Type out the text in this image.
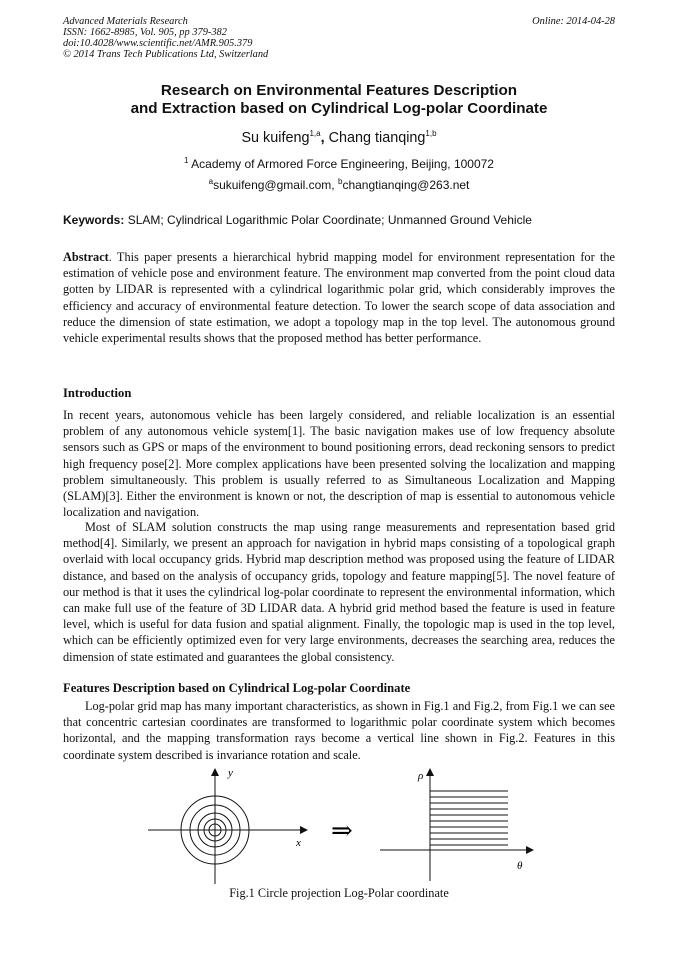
Advanced Materials Research
ISSN: 1662-8985, Vol. 905, pp 379-382
doi:10.4028/www.scientific.net/AMR.905.379
© 2014 Trans Tech Publications Ltd, Switzerland
Online: 2014-04-28
Research on Environmental Features Description
and Extraction based on Cylindrical Log-polar Coordinate
Su kuifeng$^{1,a}$, Chang tianqing$^{1,b}$
$^1$ Academy of Armored Force Engineering, Beijing, 100072
$^a$sukuifeng@gmail.com, $^b$changtianqing@263.net
Keywords: SLAM; Cylindrical Logarithmic Polar Coordinate; Unmanned Ground Vehicle

Abstract. This paper presents a hierarchical hybrid mapping model for environment representation for the estimation of vehicle pose and environment feature. The environment map converted from the point cloud data gotten by LIDAR is represented with a cylindrical logarithmic polar grid, which considerably improves the efficiency and accuracy of environmental feature detection. To lower the search scope of data association and reduce the dimension of state estimation, we adopt a topology map in the top level. The autonomous ground vehicle experimental results shows that the proposed method has better performance.

Introduction

In recent years, autonomous vehicle has been largely considered, and reliable localization is an essential problem of any autonomous vehicle system[1]. The basic navigation makes use of low frequency absolute sensors such as GPS or maps of the environment to bound positioning errors, dead reckoning sensors to predict high frequency pose[2]. More complex applications have been presented solving the localization and mapping problem simultaneously. This problem is usually referred to as Simultaneous Localization and Mapping (SLAM)[3]. Either the environment is known or not, the description of map is essential to autonomous vehicle localization and navigation.

Most of SLAM solution constructs the map using range measurements and representation based grid method[4]. Similarly, we present an approach for navigation in hybrid maps consisting of a topological graph overlaid with local occupancy grids. Hybrid map description method was proposed using the feature of LIDAR distance, and based on the analysis of occupancy grids, topology and feature mapping[5]. The novel feature of our method is that it uses the cylindrical log-polar coordinate to represent the environmental information, which can make full use of the feature of 3D LIDAR data. A hybrid grid method based the feature is used in feature level, which is useful for data fusion and spatial alignment. Finally, the topologic map is used in the top level, which can be efficiently optimized even for very large environments, decreases the searching area, reduces the dimension of state estimated and guarantees the global consistency.

Features Description based on Cylindrical Log-polar Coordinate

Log-polar grid map has many important characteristics, as shown in Fig.1 and Fig.2, from Fig.1 we can see that concentric cartesian coordinates are transformed to logarithmic polar coordinate system which becomes horizontal, and the mapping transformation rays become a vertical line shown in Fig.2. Features in this coordinate system described is invariance rotation and scale.

y
x ⇒
ρ
θ
Fig.1 Circle projection Log-Polar coordinate
